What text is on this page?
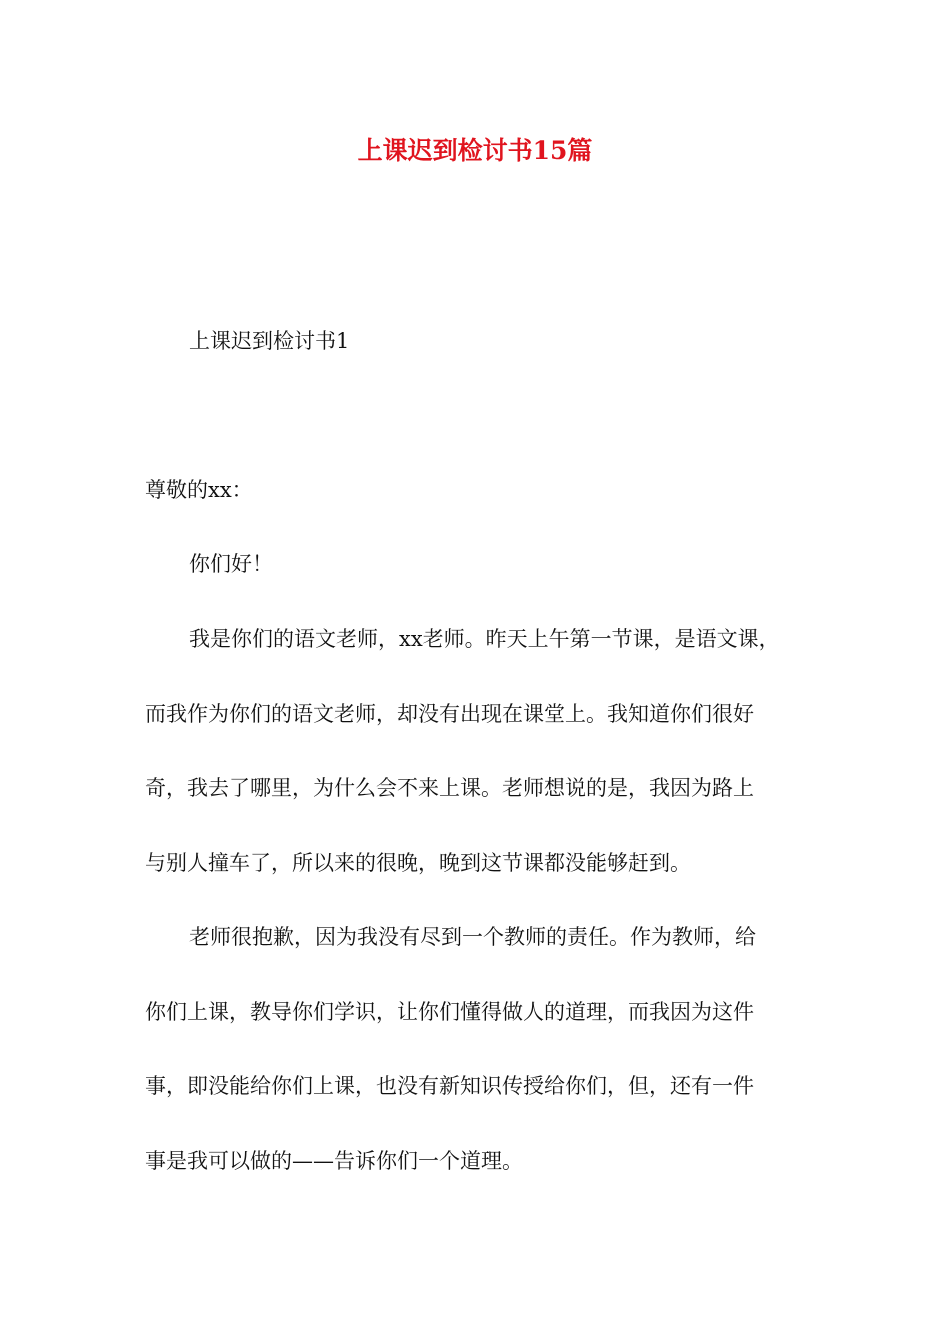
上课迟到检讨书15篇
上课迟到检讨书1
尊敬的xx：
你们好！
我是你们的语文老师，xx老师。昨天上午第一节课，是语文课，
而我作为你们的语文老师，却没有出现在课堂上。我知道你们很好
奇，我去了哪里，为什么会不来上课。老师想说的是，我因为路上
与别人撞车了，所以来的很晚，晚到这节课都没能够赶到。
老师很抱歉，因为我没有尽到一个教师的责任。作为教师，给
你们上课，教导你们学识，让你们懂得做人的道理，而我因为这件
事，即没能给你们上课，也没有新知识传授给你们，但，还有一件
事是我可以做的——告诉你们一个道理。
